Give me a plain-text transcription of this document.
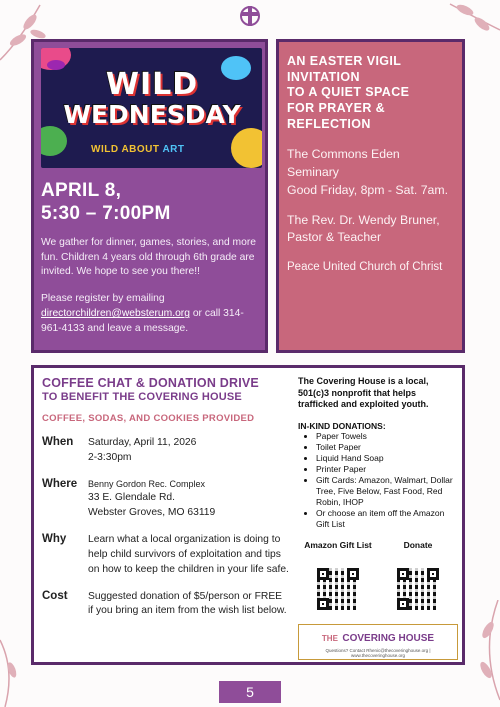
WILD
WEDNESDAY
WILD ABOUT ART
APRIL 8,
5:30 – 7:00PM

We gather for dinner, games, stories, and more fun. Children 4 years old through 6th grade are invited. We hope to see you there!!

Please register by emailing directorchildren@websterum.org or call 314-961-4133 and leave a message.

AN EASTER VIGIL
INVITATION
TO A QUIET SPACE
FOR PRAYER &
REFLECTION

The Commons Eden Seminary
Good Friday, 8pm - Sat. 7am.

The Rev. Dr. Wendy Bruner, Pastor & Teacher

Peace United Church of Christ

COFFEE CHAT & DONATION DRIVE
TO BENEFIT THE COVERING HOUSE
COFFEE, SODAS, AND COOKIES PROVIDED
When	Saturday, April 11, 2026
2-3:30pm
Where	Benny Gordon Rec. Complex
33 E. Glendale Rd.
Webster Groves, MO 63119
Why	Learn what a local organization is doing to help child survivors of exploitation and tips on how to keep the children in your life safe.
Cost	Suggested donation of $5/person or FREE if you bring an item from the wish list below.
The Covering House is a local, 501(c)3 nonprofit that helps trafficked and exploited youth.
IN-KIND DONATIONS:
• Paper Towels
• Toilet Paper
• Liquid Hand Soap
• Printer Paper
• Gift Cards: Amazon, Walmart, Dollar Tree, Five Below, Fast Food, Red Robin, IHOP
• Or choose an item off the Amazon Gift List
Amazon Gift List	Donate
THE COVERING HOUSE
Questions? Contact Rhenic@thecoveringhouse.org | www.thecoveringhouse.org
5
